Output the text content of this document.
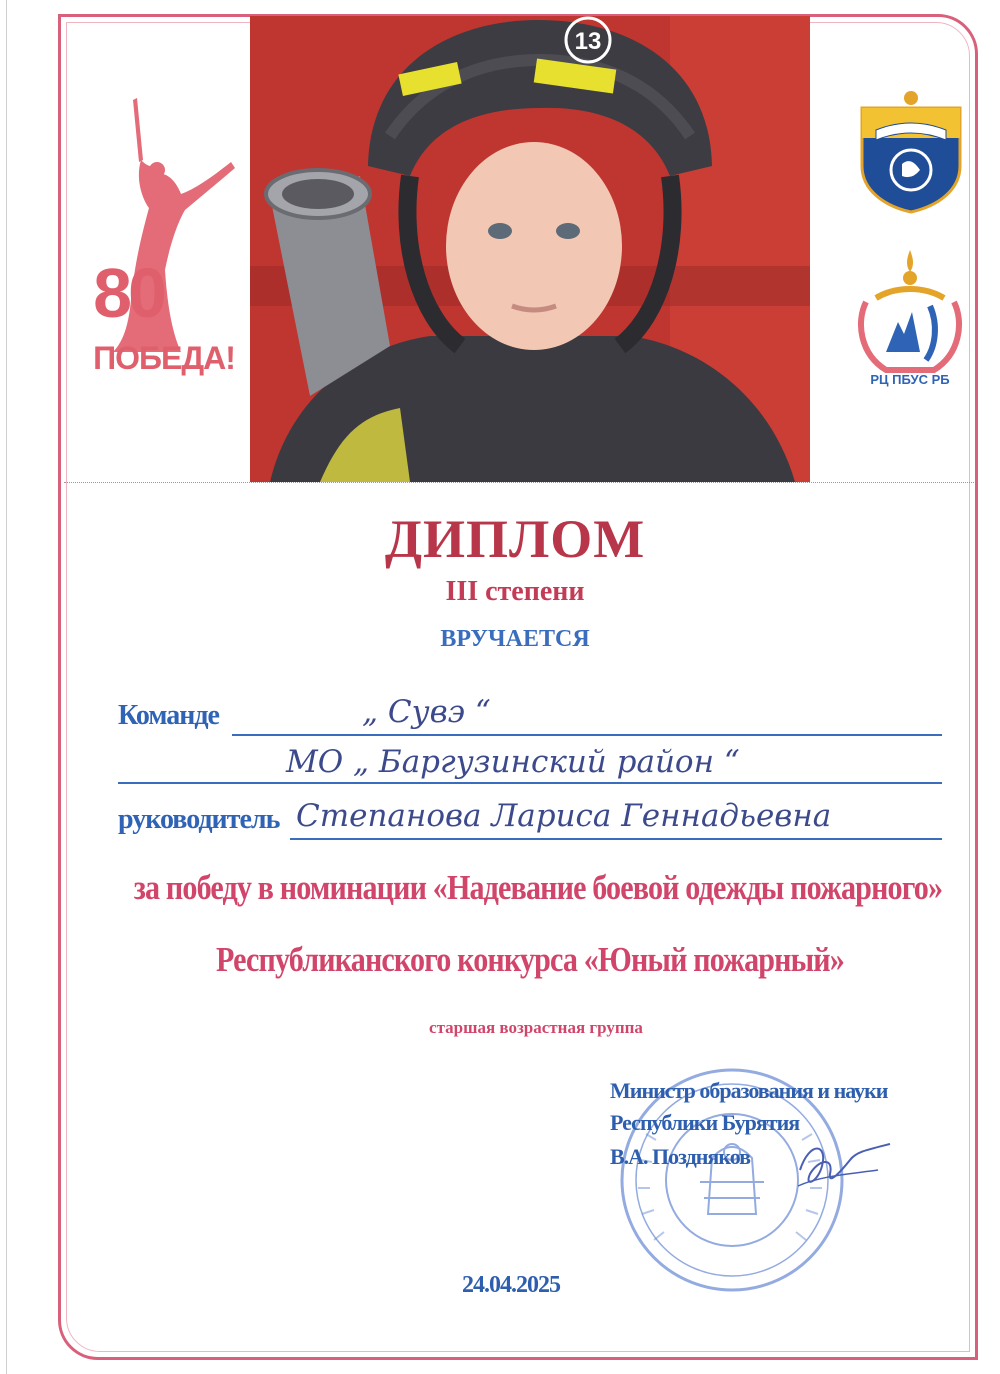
80
ПОБЕДА!
13
РЦ ПБУС РБ
ДИПЛОМ
III степени
ВРУЧАЕТСЯ
Команде	„ Сувэ “
МО „ Баргузинский район “
руководитель Степанова Лариса Геннадьевна
за победу в номинации «Надевание боевой одежды пожарного»
Республиканского конкурса «Юный пожарный»
старшая возрастная группа
Министр образования и науки
Республики Бурятия
В.А. Поздняков
24.04.2025
